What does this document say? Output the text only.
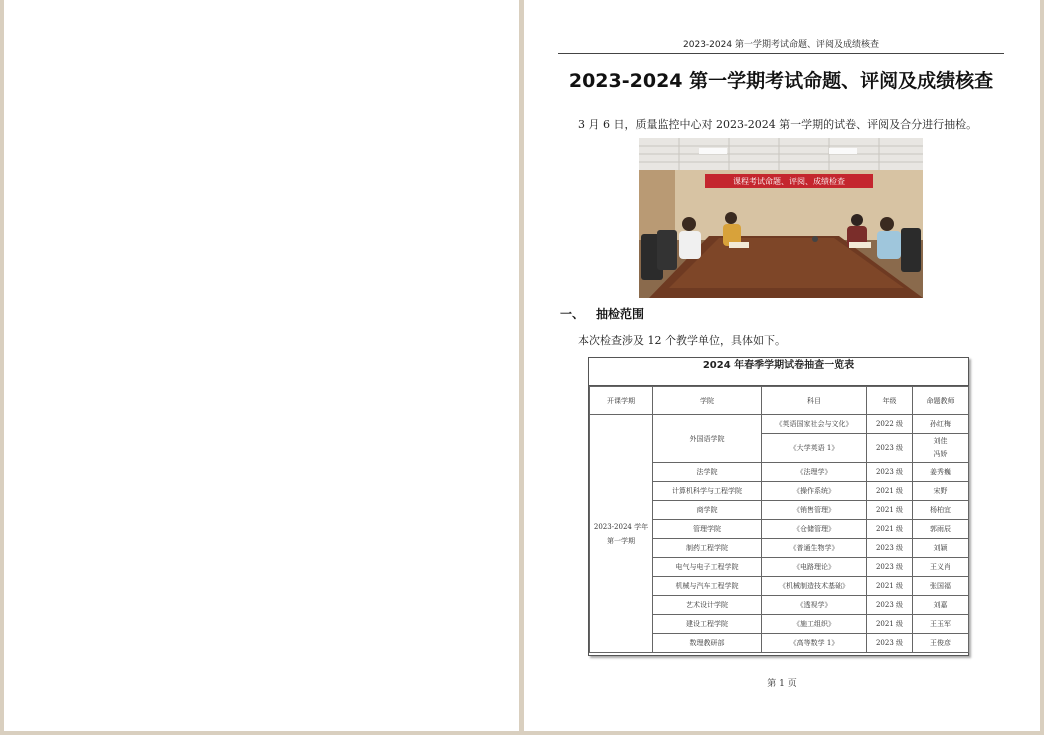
2023-2024 第一学期考试命题、评阅及成绩核查
2023-2024 第一学期考试命题、评阅及成绩核查
3 月 6 日，质量监控中心对 2023-2024 第一学期的试卷、评阅及合分进行抽检。
课程考试命题、评阅、成绩检查
一、 抽检范围
本次检查涉及 12 个教学单位，具体如下。
2024 年春季学期试卷抽查一览表
开课学期	学院	科目	年级	命题教师
2023-2024 学年第一学期	外国语学院	《英语国家社会与文化》	2022 级	孙红梅
		《大学英语 1》	2023 级	刘佳
冯娇

	法学院	《法理学》	2023 级	姜秀巍
	计算机科学与工程学院	《操作系统》	2021 级	宋野
	商学院	《销售管理》	2021 级	杨柏宜
	管理学院	《仓储管理》	2021 级	郭雨辰
	制药工程学院	《普通生物学》	2023 级	刘颖
	电气与电子工程学院	《电路理论》	2023 级	王义肖
	机械与汽车工程学院	《机械制造技术基础》	2021 级	张国福
	艺术设计学院	《透视学》	2023 级	刘嘉
	建设工程学院	《施工组织》	2021 级	王玉军
	数理教研部	《高等数学 1》	2023 级	王俊彦
第 1 页
